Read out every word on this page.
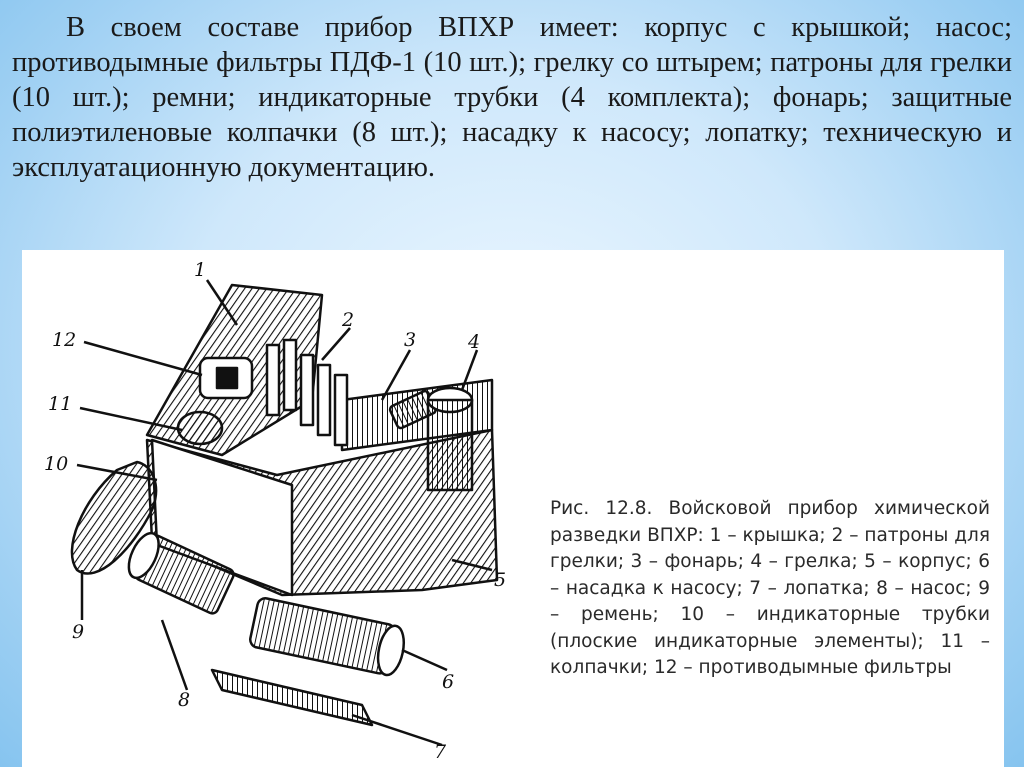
В своем составе прибор ВПХР имеет: корпус с крышкой; насос; противодымные фильтры ПДФ-1 (10 шт.); грелку со штырем; патроны для грелки (10 шт.); ремни; индикаторные трубки (4 комплекта); фонарь; защитные полиэтиленовые колпачки (8 шт.); насадку к насосу; лопатку; техническую и эксплуатационную документацию.

1
2
3	4
5
6
7
8
9
10
11
12

Рис. 12.8. Войсковой прибор химической разведки ВПХР: 1 – крышка; 2 – патроны для грелки; 3 – фонарь; 4 – грелка; 5 – корпус; 6 – насадка к насосу; 7 – лопатка; 8 – насос; 9 – ремень; 10 – индикаторные трубки (плоские индикаторные элементы); 11 – колпачки; 12 – противодымные фильтры
